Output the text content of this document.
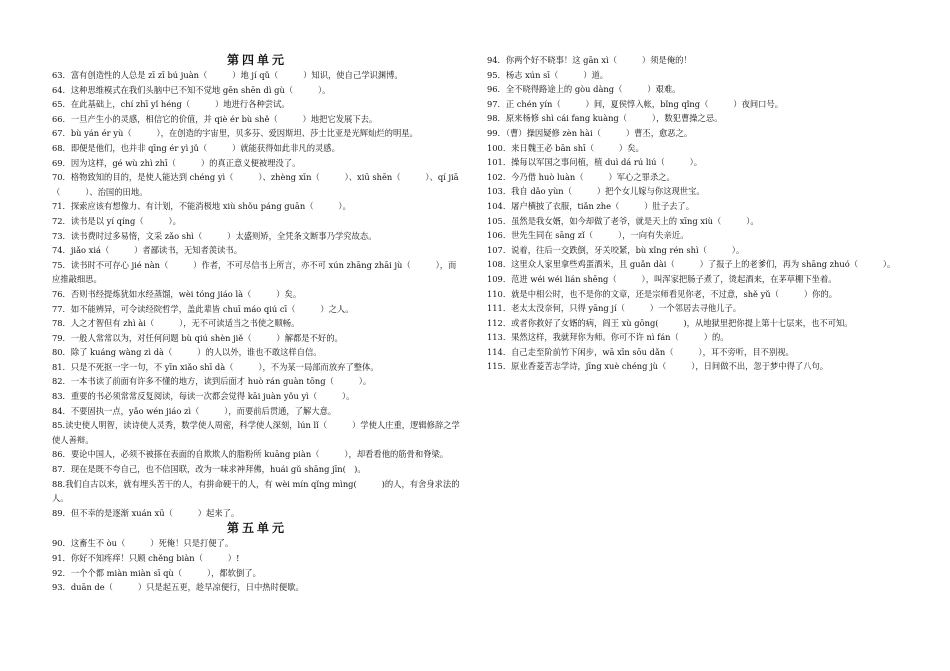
第四单元
63．富有创造性的人总是 zī zī bú juàn（　　　）地 jí qǔ（　　　）知识，使自己学识渊博。
64．这种思维模式在我们头脑中已不知不觉地 gēn shēn dì gù（　　　）。
65．在此基础上，chí zhī yǐ héng（　　　）地进行各种尝试。
66．一旦产生小的灵感，相信它的价值，并 qiè ér bù shě（　　　）地把它发展下去。
67．bù yán ér yù（　　　），在创造的宇宙里，贝多芬、爱因斯坦、莎士比亚是光辉灿烂的明星。
68．即便是他们，也并非 qīng ér yì jǔ（　　　）就能获得如此非凡的灵感。
69．因为这样，gé wù zhì zhī（　　　）的真正意义便被埋没了。
70．格物致知的目的，是使人能达到 chéng yì（　　　）、zhèng xīn（　　　）、xiū shēn（　　　）、qí jiā（　　　）、治国的田地。
71．探索应该有想像力、有计划，不能消极地 xiù shǒu páng guān（　　　）。
72．读书是以 yí qíng（　　　）。
73．读书费时过多易惰，文采 zǎo shì（　　　）太盛则矫，全凭条文断事乃学究故态。
74．jiǎo xiá（　　　）者鄙读书，无知者羡读书。
75．读书时不可存心 jié nàn（　　　）作者，不可尽信书上所言，亦不可 xún zhāng zhāi jù（　　　），而应推敲细思。
76．否则书经提炼犹如水经蒸馏，wèi tóng jiáo là（　　　）矣。
77．如不能辨异，可令读经院哲学，盖此辈皆 chuī máo qiú cī（　　　）之人。
78．人之才智但有 zhì ài（　　　），无不可读适当之书使之顺畅。
79．一般人常常以为，对任何问题 bù qiú shèn jiě（　　　）解都是不好的。
80．除了 kuáng wàng zì dà（　　　）的人以外，谁也不敢这样自信。
81．只是不死抠一字一句，不 yīn xiǎo shī dà（　　　），不为某一局部而放弃了整体。
82．一本书读了前面有许多不懂的地方，读到后面才 huò rán guàn tōng（　　　）。
83．重要的书必须常常反复阅读，每读一次都会觉得 kāi juàn yǒu yì（　　　）。
84．不要固执一点，yǎo wén jiáo zì（　　　），而要前后贯通，了解大意。
85.读史使人明智，读诗使人灵秀，数学使人周密，科学使人深刻，lún lǐ（　　　）学使人庄重，逻辑修辞之学使人善辩。
86．要论中国人，必须不被搽在表面的自欺欺人的脂粉所 kuāng piàn（　　　），却看看他的筋骨和脊梁。
87．现在是既不夸自己，也不信国联，改为一味求神拜佛，huái gǔ shāng jīn(　)。
88.我们自古以来，就有埋头苦干的人，有拼命硬干的人，有 wèi mín qǐng mìng(　　　)的人，有舍身求法的人。
89．但不幸的是逐渐 xuán xū（　　　）起来了。
第五单元
90．这畜生不 òu（　　　）死俺！只是打便了。
91．你好不知疼痒！只顾 chěng biàn（　　　）!
92．一个个都 miàn miàn sī qù（　　　），都软倒了。
93．duān de（　　　）只是起五更，趁早凉便行，日中热时便歇。
94．你两个好不晓事！这 gān xì（　　　）须是俺的！
95．杨志 xún sī（　　　）道。
96．全不晓得路途上的 gòu dàng（　　　）艰难。
97．正 chén yín（　　　）间，夏侯惇入帐，bǐng qǐng（　　　）夜间口号。
98．原来杨修 shì cái fang kuàng（　　　），数犯曹操之忌。
99．（曹）操因疑修 zèn hài（　　　）曹丕，愈恶之。
100．来日魏王必 bān shī（　　　）矣。
101．操每以军国之事问植，植 duì dá rú liú（　　　）。
102．今乃借 huò luàn（　　　）军心之罪杀之。
103．我自 dǎo yùn（　　　）把个女儿嫁与你这现世宝。
104．屠户横披了衣服，tiǎn zhe（　　　）肚子去了。
105．虽然是我女婿，如今却做了老爷，就是天上的 xīng xiù（　　　）。
106．世先生同在 sāng zǐ（　　　），一向有失亲近。
107．说着，往后一交跌倒，牙关咬紧，bù xǐng rén shì（　　　）。
108．这里众人家里拿些鸡蛋酒米，且 guǎn dài（　　　）了报子上的老爹们，再为 shāng zhuó（　　　）。
109．范进 wéi wéi lián shēng（　　　），叫浑家把肠子煮了，烫起酒来，在茅草棚下坐着。
110．就是中相公时，也不是你的文章，还是宗师看见你老，不过意，shě yǔ（　　　）你的。
111．老太太没奈何，只得 yāng jí（　　　）一个邻居去寻他儿子。
112．或者你救好了女婿的病，阎王 xù gōng(　　　)，从地狱里把你提上第十七层来，也不可知。
113．果然这样，我就拜你为师。你可不许 nì fán（　　　）的。
114．自己走至阶前竹下闲步，wā xīn sōu dǎn（　　　），耳不旁听，目不别视。
115．原业香菱苦志学诗，jīng xuè chéng jù（　　　），日间做不出，忽于梦中得了八句。
